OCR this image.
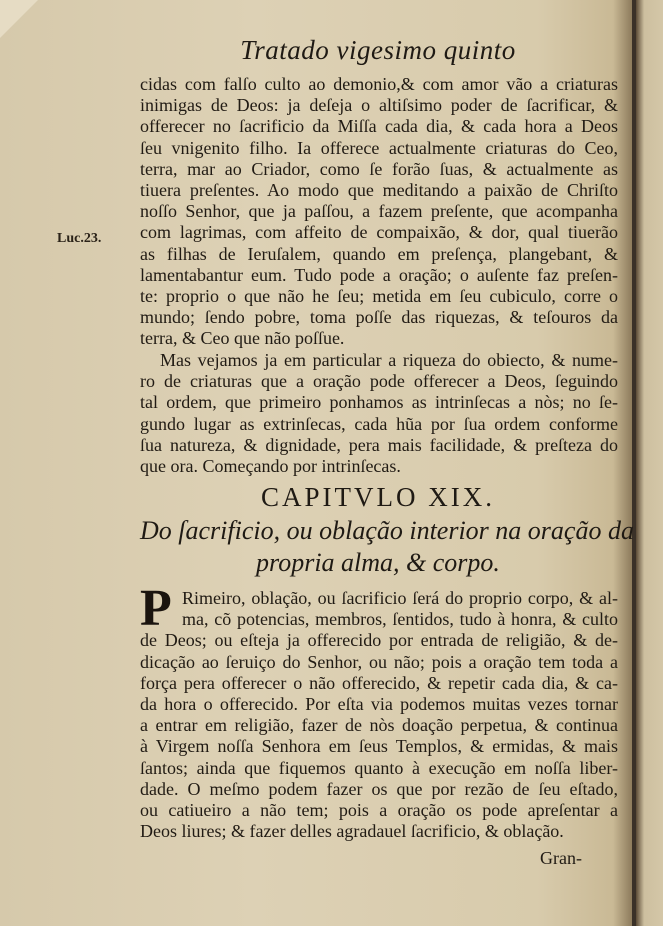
Tratado vigesimo quinto
Luc.23.
cidas com falſo culto ao demonio,& com amor vão a criaturas
inimigas de Deos: ja deſeja o altiſsimo poder de ſacrificar, &
offerecer no ſacrificio da Miſſa cada dia, & cada hora a Deos
ſeu vnigenito filho. Ia offerece actualmente criaturas do Ceo,
terra, mar ao Criador, como ſe forão ſuas, & actualmente as
tiuera preſentes. Ao modo que meditando a paixão de Chriſto
noſſo Senhor, que ja paſſou, a fazem preſente, que acompanha
com lagrimas, com affeito de compaixão, & dor, qual tiuerão
as filhas de Ieruſalem, quando em preſença, plangebant, &
lamentabantur eum. Tudo pode a oração; o auſente faz preſen-
te: proprio o que não he ſeu; metida em ſeu cubiculo, corre o
mundo; ſendo pobre, toma poſſe das riquezas, & teſouros da
terra, & Ceo que não poſſue.
Mas vejamos ja em particular a riqueza do obiecto, & nume-
ro de criaturas que a oração pode offerecer a Deos, ſeguindo
tal ordem, que primeiro ponhamos as intrinſecas a nòs; no ſe-
gundo lugar as extrinſecas, cada hũa por ſua ordem conforme
ſua natureza, & dignidade, pera mais facilidade, & preſteza do
que ora. Começando por intrinſecas.
CAPITVLO XIX.
Do ſacrificio, ou oblação interior na oração da
propria alma, & corpo.
P Rimeiro, oblação, ou ſacrificio ſerá do proprio corpo, & al-
ma, cõ potencias, membros, ſentidos, tudo à honra, & culto
de Deos; ou eſteja ja offerecido por entrada de religião, & de-
dicação ao ſeruiço do Senhor, ou não; pois a oração tem toda a
força pera offerecer o não offerecido, & repetir cada dia, & ca-
da hora o offerecido. Por eſta via podemos muitas vezes tornar
a entrar em religião, fazer de nòs doação perpetua, & continua
à Virgem noſſa Senhora em ſeus Templos, & ermidas, & mais
ſantos; ainda que fiquemos quanto à execução em noſſa liber-
dade. O meſmo podem fazer os que por rezão de ſeu eſtado,
ou catiueiro a não tem; pois a oração os pode apreſentar a
Deos liures; & fazer delles agradauel ſacrificio, & oblação.
Gran-
